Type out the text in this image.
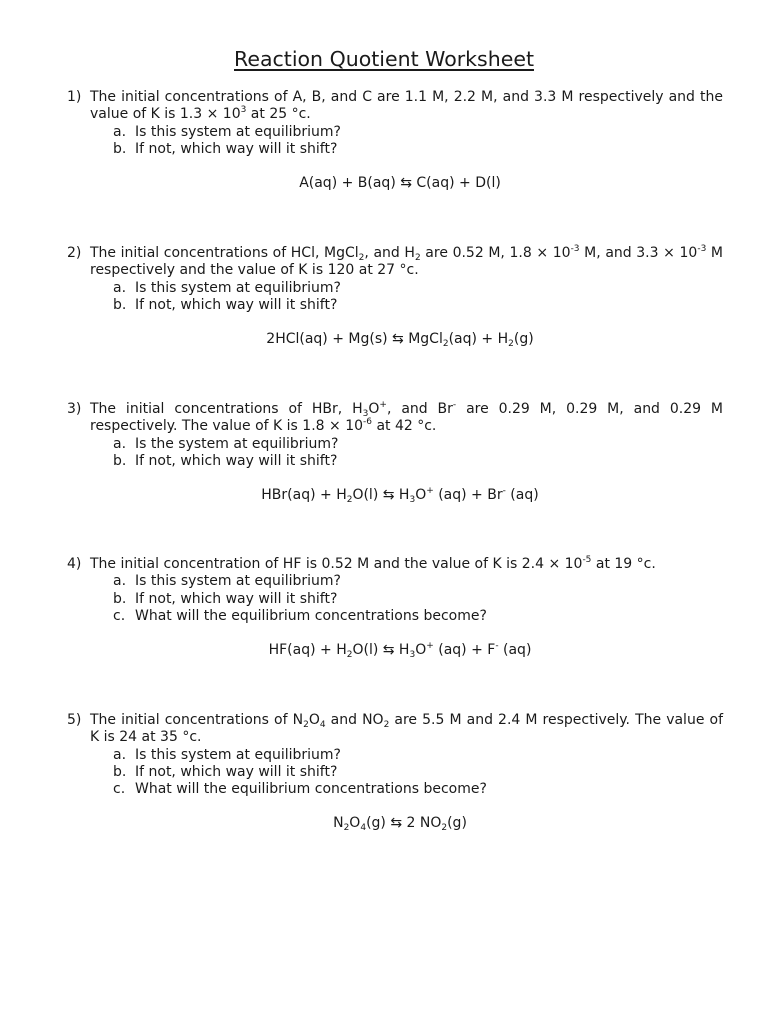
Reaction Quotient Worksheet
1) The initial concentrations of A, B, and C are 1.1 M, 2.2 M, and 3.3 M respectively and the value of K is $1.3 \times 10^3$ at 25 °c.
a. Is this system at equilibrium?
b. If not, which way will it shift?
A(aq) + B(aq) ⇆ C(aq) + D(l)
2) The initial concentrations of HCl, MgCl$_2$, and $H_2$ are 0.52 M, $1.8 \times 10^{-3}$ M, and $3.3 \times 10^{-3}$ M respectively and the value of K is 120 at 27 °c.
a. Is this system at equilibrium?
b. If not, which way will it shift?
2HCl(aq) + Mg(s) ⇆ MgCl$_2$(aq) + $H_2(g)$
3) The initial concentrations of HBr, $H_3O^+$, and Br- are 0.29 M, 0.29 M, and 0.29 M respectively. The value of K is $1.8 \times 10^{-6}$ at 42 °c.
a. Is the system at equilibrium?
b. If not, which way will it shift?
$HBr(aq) + H_2O(l)$ ⇆ $H_3O^+$ (aq) + Br- (aq)
4) The initial concentration of HF is 0.52 M and the value of K is $2.4 \times 10^{-5}$ at 19 °c.
a. Is this system at equilibrium?
b. If not, which way will it shift?
c. What will the equilibrium concentrations become?
$HF(aq) + H_2O(l)$ ⇆ $H_3O^+$ (aq) + F- (aq)
5) The initial concentrations of $N_2O_4$ and $NO_2$ are 5.5 M and 2.4 M respectively. The value of K is 24 at 35 °c.
a. Is this system at equilibrium?
b. If not, which way will it shift?
c. What will the equilibrium concentrations become?
$N_2O_4(g)$ ⇆ 2 $NO_2(g)$
